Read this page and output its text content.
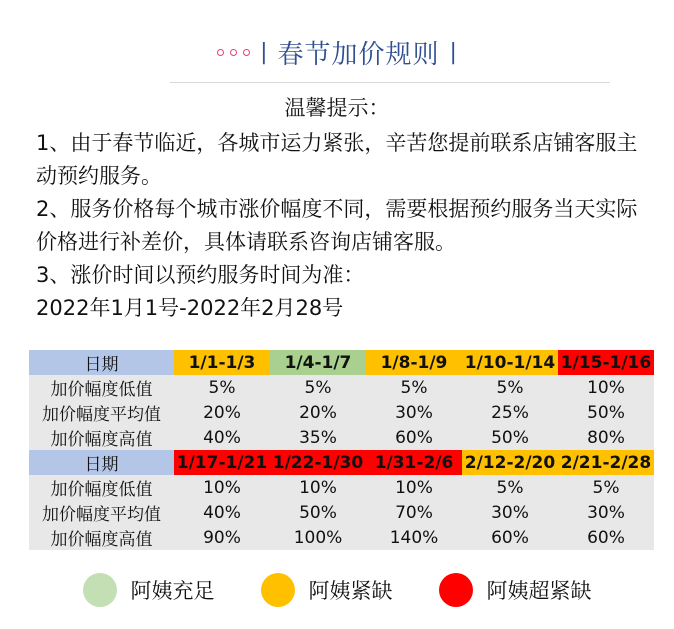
| 春节加价规则 |
温馨提示：

1、由于春节临近，各城市运力紧张，辛苦您提前联系店铺客服主动预约服务。

2、服务价格每个城市涨价幅度不同，需要根据预约服务当天实际价格进行补差价，具体请联系咨询店铺客服。

3、涨价时间以预约服务时间为准：

2022年1月1号-2022年2月28号

日期	1/1-1/3	1/4-1/7	1/8-1/9	1/10-1/14	1/15-1/16
加价幅度低值	5%	5%	5%	5%	10%
加价幅度平均值	20%	20%	30%	25%	50%
加价幅度高值	40%	35%	60%	50%	80%
日期	1/17-1/21	1/22-1/30	1/31-2/6	2/12-2/20	2/21-2/28
加价幅度低值	10%	10%	10%	5%	5%
加价幅度平均值	40%	50%	70%	30%	30%
加价幅度高值	90%	100%	140%	60%	60%
阿姨充足	阿姨紧缺	阿姨超紧缺
